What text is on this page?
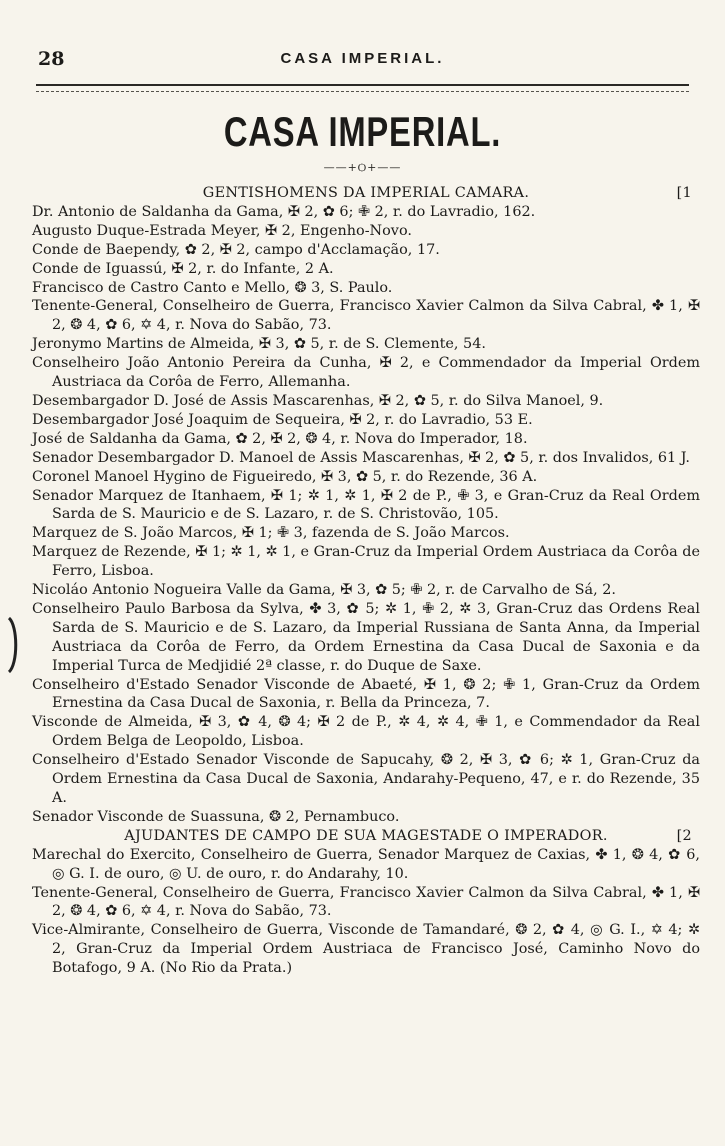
28	CASA IMPERIAL.
CASA IMPERIAL.
——+Ѻ+——
GENTISHOMENS DA IMPERIAL CAMARA.	[1

Dr. Antonio de Saldanha da Gama, ✠ 2, ✿ 6; ✙ 2, r. do Lavradio, 162.

Augusto Duque-Estrada Meyer, ✠ 2, Engenho-Novo.

Conde de Baependy, ✿ 2, ✠ 2, campo d'Acclamação, 17.

Conde de Iguassú, ✠ 2, r. do Infante, 2 A.

Francisco de Castro Canto e Mello, ❂ 3, S. Paulo.

Tenente-General, Conselheiro de Guerra, Francisco Xavier Calmon da Silva Cabral, ✤ 1, ✠ 2, ❂ 4, ✿ 6, ✡ 4, r. Nova do Sabão, 73.

Jeronymo Martins de Almeida, ✠ 3, ✿ 5, r. de S. Clemente, 54.

Conselheiro João Antonio Pereira da Cunha, ✠ 2, e Commendador da Imperial Ordem Austriaca da Corôa de Ferro, Allemanha.

Desembargador D. José de Assis Mascarenhas, ✠ 2, ✿ 5, r. do Silva Manoel, 9.

Desembargador José Joaquim de Sequeira, ✠ 2, r. do Lavradio, 53 E.

José de Saldanha da Gama, ✿ 2, ✠ 2, ❂ 4, r. Nova do Imperador, 18.

Senador Desembargador D. Manoel de Assis Mascarenhas, ✠ 2, ✿ 5, r. dos Invalidos, 61 J.

Coronel Manoel Hygino de Figueiredo, ✠ 3, ✿ 5, r. do Rezende, 36 A.

Senador Marquez de Itanhaem, ✠ 1; ✲ 1, ✲ 1, ✠ 2 de P., ✙ 3, e Gran-Cruz da Real Ordem Sarda de S. Mauricio e de S. Lazaro, r. de S. Christovão, 105.

Marquez de S. João Marcos, ✠ 1; ✙ 3, fazenda de S. João Marcos.

Marquez de Rezende, ✠ 1; ✲ 1, ✲ 1, e Gran-Cruz da Imperial Ordem Austriaca da Corôa de Ferro, Lisboa.

Nicoláo Antonio Nogueira Valle da Gama, ✠ 3, ✿ 5; ✙ 2, r. de Carvalho de Sá, 2.

Conselheiro Paulo Barbosa da Sylva, ✤ 3, ✿ 5; ✲ 1, ✙ 2, ✲ 3, Gran-Cruz das Ordens Real Sarda de S. Mauricio e de S. Lazaro, da Imperial Russiana de Santa Anna, da Imperial Austriaca da Corôa de Ferro, da Ordem Ernestina da Casa Ducal de Saxonia e da Imperial Turca de Medjidié 2ª classe, r. do Duque de Saxe.

Conselheiro d'Estado Senador Visconde de Abaeté, ✠ 1, ❂ 2; ✙ 1, Gran-Cruz da Ordem Ernestina da Casa Ducal de Saxonia, r. Bella da Princeza, 7.

Visconde de Almeida, ✠ 3, ✿ 4, ❂ 4; ✠ 2 de P., ✲ 4, ✲ 4, ✙ 1, e Commendador da Real Ordem Belga de Leopoldo, Lisboa.

Conselheiro d'Estado Senador Visconde de Sapucahy, ❂ 2, ✠ 3, ✿ 6; ✲ 1, Gran-Cruz da Ordem Ernestina da Casa Ducal de Saxonia, Andarahy-Pequeno, 47, e r. do Rezende, 35 A.

Senador Visconde de Suassuna, ❂ 2, Pernambuco.

AJUDANTES DE CAMPO DE SUA MAGESTADE O IMPERADOR.	[2

Marechal do Exercito, Conselheiro de Guerra, Senador Marquez de Caxias, ✤ 1, ❂ 4, ✿ 6, ◎ G. I. de ouro, ◎ U. de ouro, r. do Andarahy, 10.

Tenente-General, Conselheiro de Guerra, Francisco Xavier Calmon da Silva Cabral, ✤ 1, ✠ 2, ❂ 4, ✿ 6, ✡ 4, r. Nova do Sabão, 73.

Vice-Almirante, Conselheiro de Guerra, Visconde de Tamandaré, ❂ 2, ✿ 4, ◎ G. I., ✡ 4; ✲ 2, Gran-Cruz da Imperial Ordem Austriaca de Francisco José, Caminho Novo do Botafogo, 9 A. (No Rio da Prata.)
